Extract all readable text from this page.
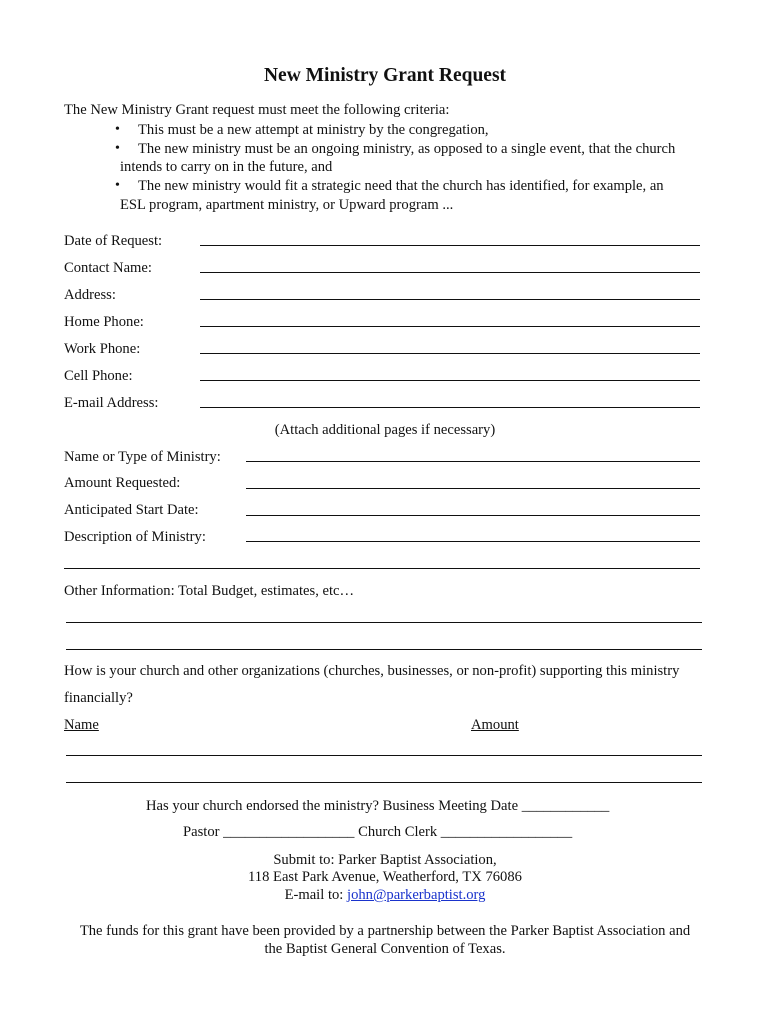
New Ministry Grant Request
The New Ministry Grant request must meet the following criteria:
• This must be a new attempt at ministry by the congregation,
• The new ministry must be an ongoing ministry, as opposed to a single event, that the church
intends to carry on in the future, and
• The new ministry would fit a strategic need that the church has identified, for example, an
ESL program, apartment ministry, or Upward program ...
Date of Request:
Contact Name:
Address:
Home Phone:
Work Phone:
Cell Phone:
E-mail Address:
(Attach additional pages if necessary)
Name or Type of Ministry:
Amount Requested:
Anticipated Start Date:
Description of Ministry:
Other Information: Total Budget, estimates, etc…
How is your church and other organizations (churches, businesses, or non-profit) supporting this ministry
financially?
Name	Amount
Has your church endorsed the ministry? Business Meeting Date ____________
Pastor __________________ Church Clerk __________________
Submit to: Parker Baptist Association,
118 East Park Avenue, Weatherford, TX 76086
E-mail to: john@parkerbaptist.org
The funds for this grant have been provided by a partnership between the Parker Baptist Association and
the Baptist General Convention of Texas.
